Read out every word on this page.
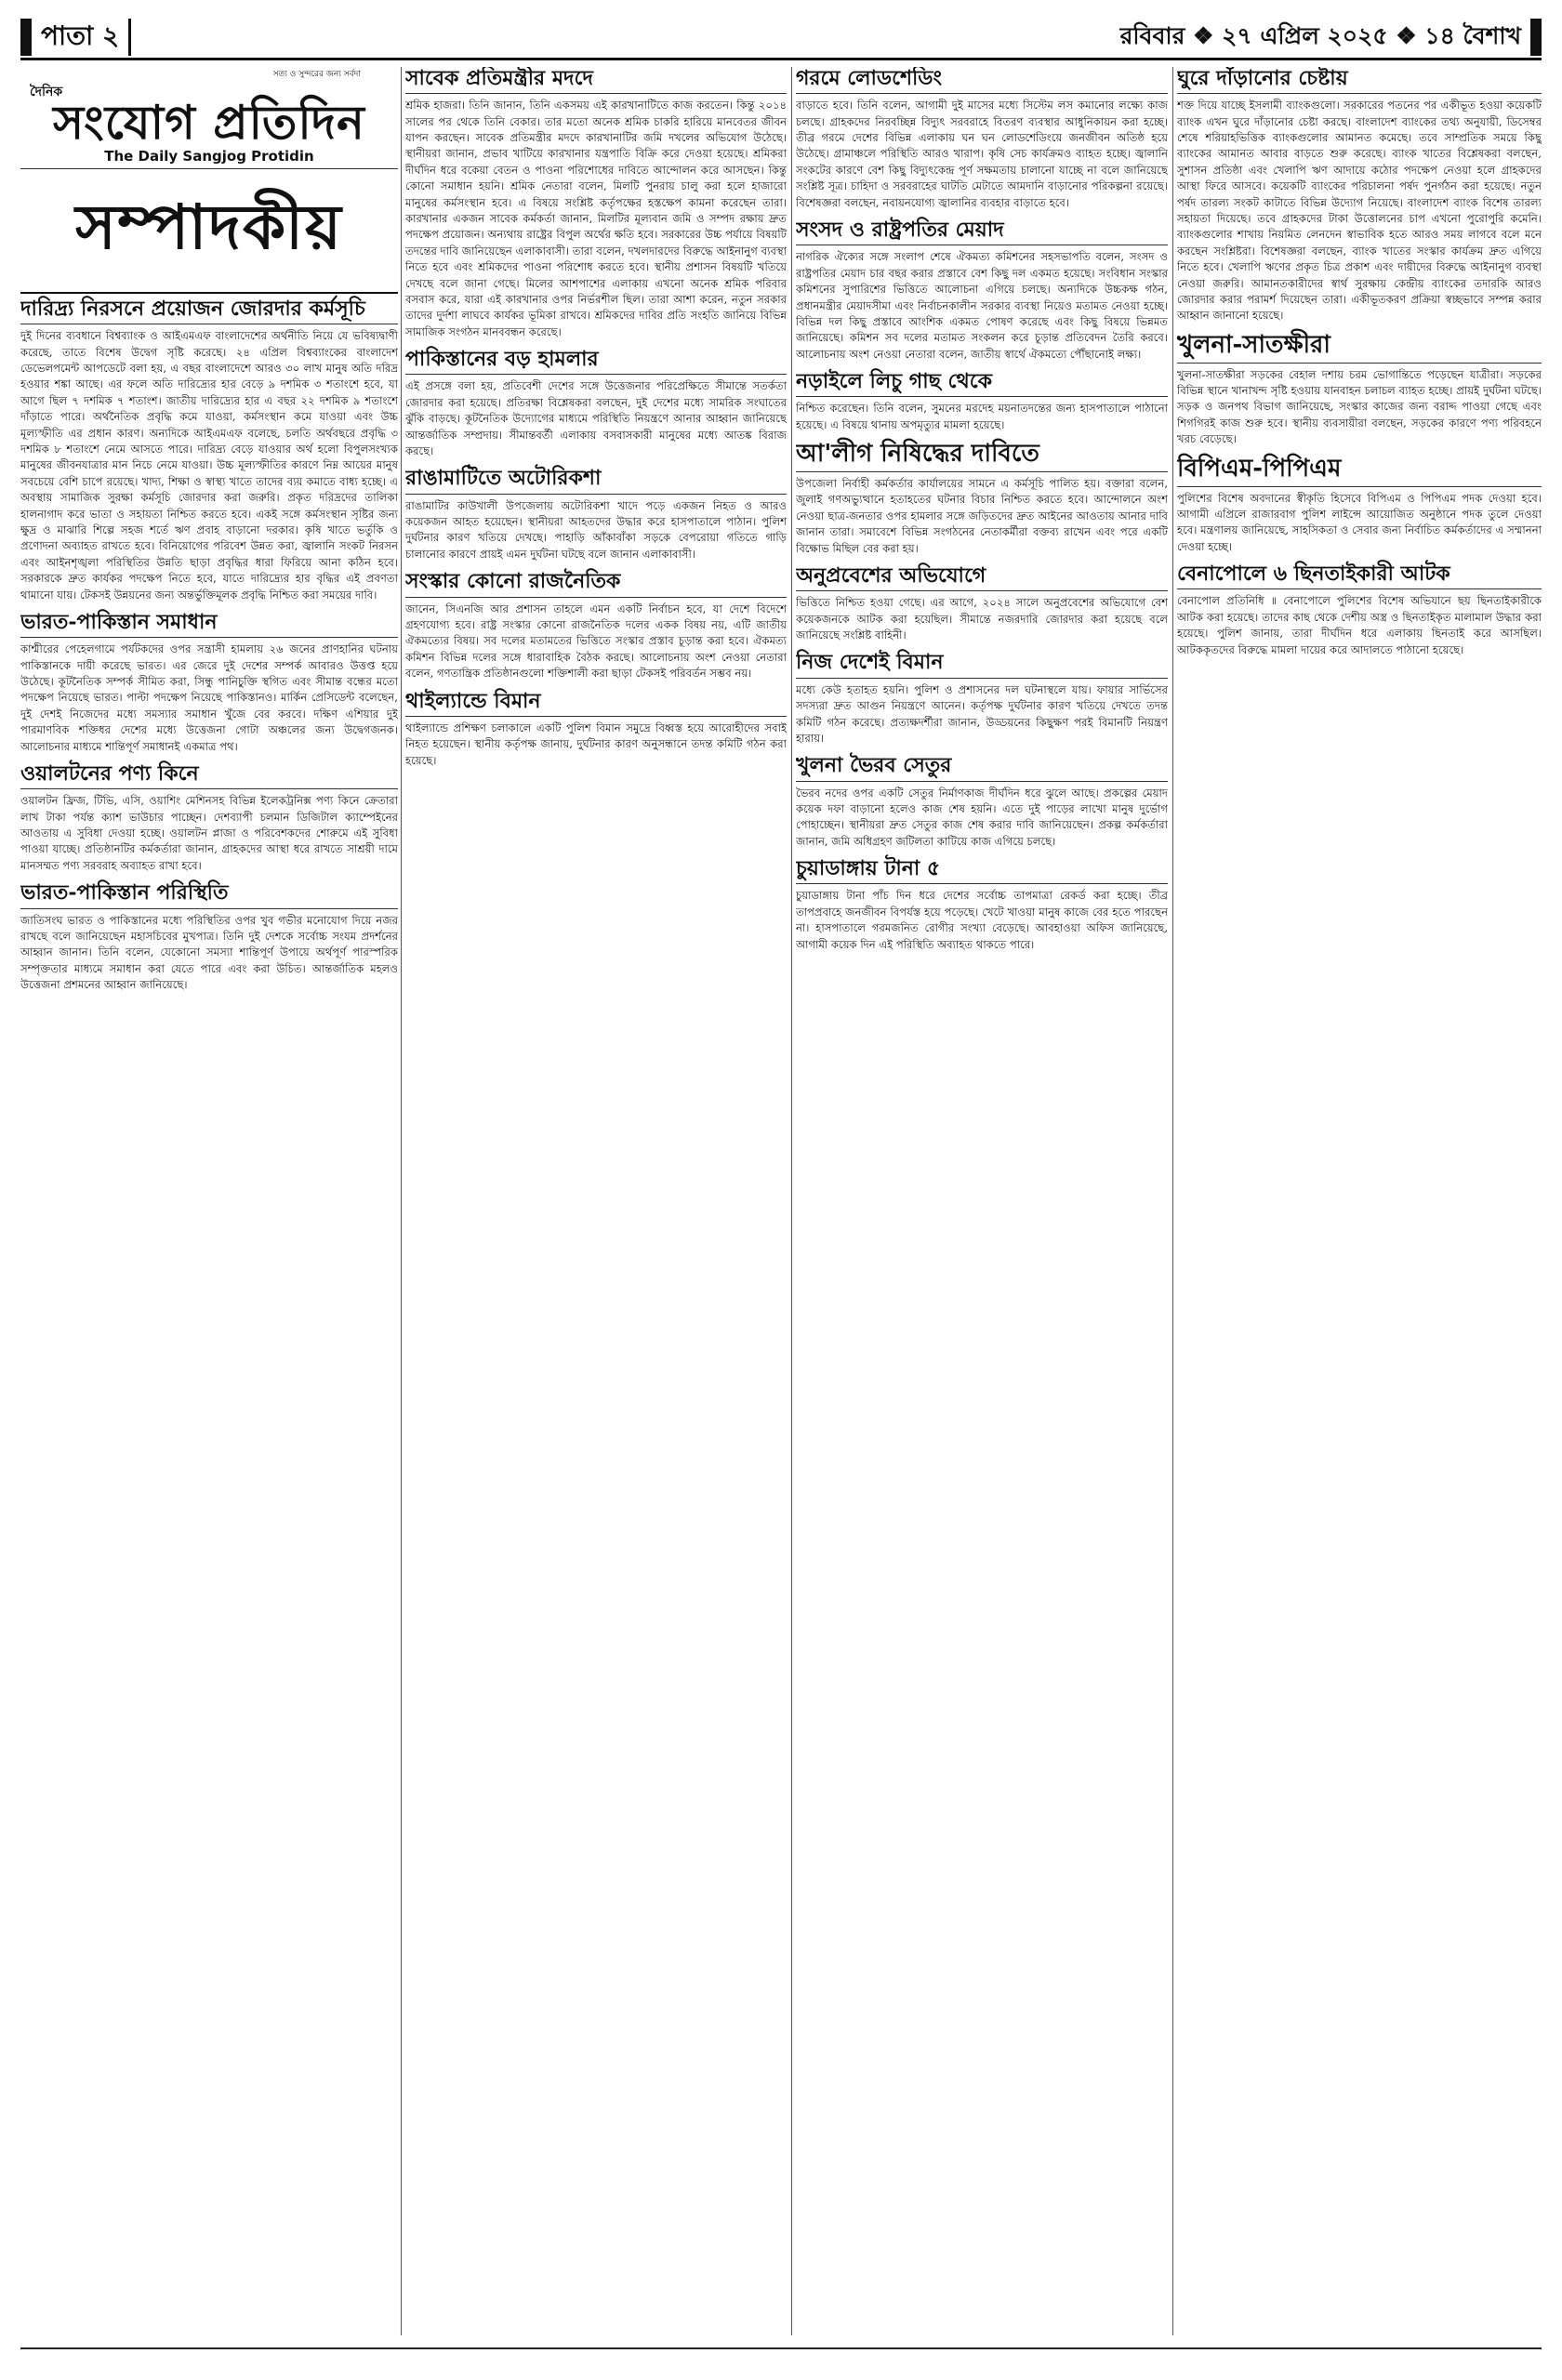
পাতা ২	রবিবার ❖ ২৭ এপ্রিল ২০২৫ ❖ ১৪ বৈশাখ
সত্য ও সুন্দরের জন্য সর্বদা
দৈনিক
সংযোগ প্রতিদিন
The Daily Sangjog Protidin
সম্পাদকীয়
দারিদ্র্য নিরসনে প্রয়োজন জোরদার কর্মসূচি

দুই দিনের ব্যবধানে বিশ্বব্যাংক ও আইএমএফ বাংলাদেশের অর্থনীতি নিয়ে যে ভবিষ্যদ্বাণী করেছে, তাতে বিশেষ উদ্বেগ সৃষ্টি করেছে। ২৪ এপ্রিল বিশ্বব্যাংকের বাংলাদেশ ডেভেলপমেন্ট আপডেটে বলা হয়, এ বছর বাংলাদেশে আরও ৩০ লাখ মানুষ অতি দরিদ্র হওয়ার শঙ্কা আছে। এর ফলে অতি দারিদ্র্যের হার বেড়ে ৯ দশমিক ৩ শতাংশে হবে, যা আগে ছিল ৭ দশমিক ৭ শতাংশ। জাতীয় দারিদ্র্যের হার এ বছর ২২ দশমিক ৯ শতাংশে দাঁড়াতে পারে। অর্থনৈতিক প্রবৃদ্ধি কমে যাওয়া, কর্মসংস্থান কমে যাওয়া এবং উচ্চ মূল্যস্ফীতি এর প্রধান কারণ। অন্যদিকে আইএমএফ বলেছে, চলতি অর্থবছরে প্রবৃদ্ধি ৩ দশমিক ৮ শতাংশে নেমে আসতে পারে। দারিদ্র্য বেড়ে যাওয়ার অর্থ হলো বিপুলসংখ্যক মানুষের জীবনযাত্রার মান নিচে নেমে যাওয়া। উচ্চ মূল্যস্ফীতির কারণে নিম্ন আয়ের মানুষ সবচেয়ে বেশি চাপে রয়েছে। খাদ্য, শিক্ষা ও স্বাস্থ্য খাতে তাদের ব্যয় কমাতে বাধ্য হচ্ছে। এ অবস্থায় সামাজিক সুরক্ষা কর্মসূচি জোরদার করা জরুরি। প্রকৃত দরিদ্রদের তালিকা হালনাগাদ করে ভাতা ও সহায়তা নিশ্চিত করতে হবে। একই সঙ্গে কর্মসংস্থান সৃষ্টির জন্য ক্ষুদ্র ও মাঝারি শিল্পে সহজ শর্তে ঋণ প্রবাহ বাড়ানো দরকার। কৃষি খাতে ভর্তুকি ও প্রণোদনা অব্যাহত রাখতে হবে। বিনিয়োগের পরিবেশ উন্নত করা, জ্বালানি সংকট নিরসন এবং আইনশৃঙ্খলা পরিস্থিতির উন্নতি ছাড়া প্রবৃদ্ধির ধারা ফিরিয়ে আনা কঠিন হবে। সরকারকে দ্রুত কার্যকর পদক্ষেপ নিতে হবে, যাতে দারিদ্র্যের হার বৃদ্ধির এই প্রবণতা থামানো যায়। টেকসই উন্নয়নের জন্য অন্তর্ভুক্তিমূলক প্রবৃদ্ধি নিশ্চিত করা সময়ের দাবি।

ভারত-পাকিস্তান সমাধান

কাশ্মীরের পেহেলগামে পর্যটকদের ওপর সন্ত্রাসী হামলায় ২৬ জনের প্রাণহানির ঘটনায় পাকিস্তানকে দায়ী করেছে ভারত। এর জেরে দুই দেশের সম্পর্ক আবারও উত্তপ্ত হয়ে উঠেছে। কূটনৈতিক সম্পর্ক সীমিত করা, সিন্ধু পানিচুক্তি স্থগিত এবং সীমান্ত বন্ধের মতো পদক্ষেপ নিয়েছে ভারত। পাল্টা পদক্ষেপ নিয়েছে পাকিস্তানও। মার্কিন প্রেসিডেন্ট বলেছেন, দুই দেশই নিজেদের মধ্যে সমস্যার সমাধান খুঁজে বের করবে। দক্ষিণ এশিয়ার দুই পারমাণবিক শক্তিধর দেশের মধ্যে উত্তেজনা গোটা অঞ্চলের জন্য উদ্বেগজনক। আলোচনার মাধ্যমে শান্তিপূর্ণ সমাধানই একমাত্র পথ।

ওয়ালটনের পণ্য কিনে

ওয়ালটন ফ্রিজ, টিভি, এসি, ওয়াশিং মেশিনসহ বিভিন্ন ইলেকট্রনিক্স পণ্য কিনে ক্রেতারা লাখ টাকা পর্যন্ত ক্যাশ ভাউচার পাচ্ছেন। দেশব্যাপী চলমান ডিজিটাল ক্যাম্পেইনের আওতায় এ সুবিধা দেওয়া হচ্ছে। ওয়ালটন প্লাজা ও পরিবেশকদের শোরুমে এই সুবিধা পাওয়া যাচ্ছে। প্রতিষ্ঠানটির কর্মকর্তারা জানান, গ্রাহকদের আস্থা ধরে রাখতে সাশ্রয়ী দামে মানসম্মত পণ্য সরবরাহ অব্যাহত রাখা হবে।

ভারত-পাকিস্তান পরিস্থিতি

জাতিসংঘ ভারত ও পাকিস্তানের মধ্যে পরিস্থিতির ওপর খুব গভীর মনোযোগ দিয়ে নজর রাখছে বলে জানিয়েছেন মহাসচিবের মুখপাত্র। তিনি দুই দেশকে সর্বোচ্চ সংযম প্রদর্শনের আহ্বান জানান। তিনি বলেন, যেকোনো সমস্যা শান্তিপূর্ণ উপায়ে অর্থপূর্ণ পারস্পরিক সম্পৃক্ততার মাধ্যমে সমাধান করা যেতে পারে এবং করা উচিত। আন্তর্জাতিক মহলও উত্তেজনা প্রশমনের আহ্বান জানিয়েছে।

সাবেক প্রতিমন্ত্রীর মদদে

শ্রমিক হাজরা। তিনি জানান, তিনি একসময় এই কারখানাটিতে কাজ করতেন। কিন্তু ২০১৪ সালের পর থেকে তিনি বেকার। তার মতো অনেক শ্রমিক চাকরি হারিয়ে মানবেতর জীবন যাপন করছেন। সাবেক প্রতিমন্ত্রীর মদদে কারখানাটির জমি দখলের অভিযোগ উঠেছে। স্থানীয়রা জানান, প্রভাব খাটিয়ে কারখানার যন্ত্রপাতি বিক্রি করে দেওয়া হয়েছে। শ্রমিকরা দীর্ঘদিন ধরে বকেয়া বেতন ও পাওনা পরিশোধের দাবিতে আন্দোলন করে আসছেন। কিন্তু কোনো সমাধান হয়নি। শ্রমিক নেতারা বলেন, মিলটি পুনরায় চালু করা হলে হাজারো মানুষের কর্মসংস্থান হবে। এ বিষয়ে সংশ্লিষ্ট কর্তৃপক্ষের হস্তক্ষেপ কামনা করেছেন তারা। কারখানার একজন সাবেক কর্মকর্তা জানান, মিলটির মূল্যবান জমি ও সম্পদ রক্ষায় দ্রুত পদক্ষেপ প্রয়োজন। অন্যথায় রাষ্ট্রের বিপুল অর্থের ক্ষতি হবে। সরকারের উচ্চ পর্যায়ে বিষয়টি তদন্তের দাবি জানিয়েছেন এলাকাবাসী। তারা বলেন, দখলদারদের বিরুদ্ধে আইনানুগ ব্যবস্থা নিতে হবে এবং শ্রমিকদের পাওনা পরিশোধ করতে হবে। স্থানীয় প্রশাসন বিষয়টি খতিয়ে দেখছে বলে জানা গেছে। মিলের আশপাশের এলাকায় এখনো অনেক শ্রমিক পরিবার বসবাস করে, যারা এই কারখানার ওপর নির্ভরশীল ছিল। তারা আশা করেন, নতুন সরকার তাদের দুর্দশা লাঘবে কার্যকর ভূমিকা রাখবে। শ্রমিকদের দাবির প্রতি সংহতি জানিয়ে বিভিন্ন সামাজিক সংগঠন মানববন্ধন করেছে।

পাকিস্তানের বড় হামলার

এই প্রসঙ্গে বলা হয়, প্রতিবেশী দেশের সঙ্গে উত্তেজনার পরিপ্রেক্ষিতে সীমান্তে সতর্কতা জোরদার করা হয়েছে। প্রতিরক্ষা বিশ্লেষকরা বলছেন, দুই দেশের মধ্যে সামরিক সংঘাতের ঝুঁকি বাড়ছে। কূটনৈতিক উদ্যোগের মাধ্যমে পরিস্থিতি নিয়ন্ত্রণে আনার আহ্বান জানিয়েছে আন্তর্জাতিক সম্প্রদায়। সীমান্তবর্তী এলাকায় বসবাসকারী মানুষের মধ্যে আতঙ্ক বিরাজ করছে।

রাঙামাটিতে অটোরিকশা

রাঙামাটির কাউখালী উপজেলায় অটোরিকশা খাদে পড়ে একজন নিহত ও আরও কয়েকজন আহত হয়েছেন। স্থানীয়রা আহতদের উদ্ধার করে হাসপাতালে পাঠান। পুলিশ দুর্ঘটনার কারণ খতিয়ে দেখছে। পাহাড়ি আঁকাবাঁকা সড়কে বেপরোয়া গতিতে গাড়ি চালানোর কারণে প্রায়ই এমন দুর্ঘটনা ঘটছে বলে জানান এলাকাবাসী।

সংস্কার কোনো রাজনৈতিক

জানেন, সিএনজি আর প্রশাসন তাহলে এমন একটি নির্বাচন হবে, যা দেশে বিদেশে গ্রহণযোগ্য হবে। রাষ্ট্র সংস্কার কোনো রাজনৈতিক দলের একক বিষয় নয়, এটি জাতীয় ঐকমত্যের বিষয়। সব দলের মতামতের ভিত্তিতে সংস্কার প্রস্তাব চূড়ান্ত করা হবে। ঐকমত্য কমিশন বিভিন্ন দলের সঙ্গে ধারাবাহিক বৈঠক করছে। আলোচনায় অংশ নেওয়া নেতারা বলেন, গণতান্ত্রিক প্রতিষ্ঠানগুলো শক্তিশালী করা ছাড়া টেকসই পরিবর্তন সম্ভব নয়।

থাইল্যান্ডে বিমান

থাইল্যান্ডে প্রশিক্ষণ চলাকালে একটি পুলিশ বিমান সমুদ্রে বিধ্বস্ত হয়ে আরোহীদের সবাই নিহত হয়েছেন। স্থানীয় কর্তৃপক্ষ জানায়, দুর্ঘটনার কারণ অনুসন্ধানে তদন্ত কমিটি গঠন করা হয়েছে।

গরমে লোডশেডিং

বাড়াতে হবে। তিনি বলেন, আগামী দুই মাসের মধ্যে সিস্টেম লস কমানোর লক্ষ্যে কাজ চলছে। গ্রাহকদের নিরবচ্ছিন্ন বিদ্যুৎ সরবরাহে বিতরণ ব্যবস্থার আধুনিকায়ন করা হচ্ছে। তীব্র গরমে দেশের বিভিন্ন এলাকায় ঘন ঘন লোডশেডিংয়ে জনজীবন অতিষ্ঠ হয়ে উঠেছে। গ্রামাঞ্চলে পরিস্থিতি আরও খারাপ। কৃষি সেচ কার্যক্রমও ব্যাহত হচ্ছে। জ্বালানি সংকটের কারণে বেশ কিছু বিদ্যুৎকেন্দ্র পূর্ণ সক্ষমতায় চালানো যাচ্ছে না বলে জানিয়েছে সংশ্লিষ্ট সূত্র। চাহিদা ও সরবরাহের ঘাটতি মেটাতে আমদানি বাড়ানোর পরিকল্পনা রয়েছে। বিশেষজ্ঞরা বলছেন, নবায়নযোগ্য জ্বালানির ব্যবহার বাড়াতে হবে।

সংসদ ও রাষ্ট্রপতির মেয়াদ

নাগরিক ঐক্যের সঙ্গে সংলাপ শেষে ঐকমত্য কমিশনের সহসভাপতি বলেন, সংসদ ও রাষ্ট্রপতির মেয়াদ চার বছর করার প্রস্তাবে বেশ কিছু দল একমত হয়েছে। সংবিধান সংস্কার কমিশনের সুপারিশের ভিত্তিতে আলোচনা এগিয়ে চলছে। অন্যদিকে উচ্চকক্ষ গঠন, প্রধানমন্ত্রীর মেয়াদসীমা এবং নির্বাচনকালীন সরকার ব্যবস্থা নিয়েও মতামত নেওয়া হচ্ছে। বিভিন্ন দল কিছু প্রস্তাবে আংশিক একমত পোষণ করেছে এবং কিছু বিষয়ে ভিন্নমত জানিয়েছে। কমিশন সব দলের মতামত সংকলন করে চূড়ান্ত প্রতিবেদন তৈরি করবে। আলোচনায় অংশ নেওয়া নেতারা বলেন, জাতীয় স্বার্থে ঐকমত্যে পৌঁছানোই লক্ষ্য।

নড়াইলে লিচু গাছ থেকে

নিশ্চিত করেছেন। তিনি বলেন, সুমনের মরদেহ ময়নাতদন্তের জন্য হাসপাতালে পাঠানো হয়েছে। এ বিষয়ে থানায় অপমৃত্যুর মামলা হয়েছে।

আ'লীগ নিষিদ্ধের দাবিতে

উপজেলা নির্বাহী কর্মকর্তার কার্যালয়ের সামনে এ কর্মসূচি পালিত হয়। বক্তারা বলেন, জুলাই গণঅভ্যুত্থানে হতাহতের ঘটনার বিচার নিশ্চিত করতে হবে। আন্দোলনে অংশ নেওয়া ছাত্র-জনতার ওপর হামলার সঙ্গে জড়িতদের দ্রুত আইনের আওতায় আনার দাবি জানান তারা। সমাবেশে বিভিন্ন সংগঠনের নেতাকর্মীরা বক্তব্য রাখেন এবং পরে একটি বিক্ষোভ মিছিল বের করা হয়।

অনুপ্রবেশের অভিযোগে

ভিত্তিতে নিশ্চিত হওয়া গেছে। এর আগে, ২০২৪ সালে অনুপ্রবেশের অভিযোগে বেশ কয়েকজনকে আটক করা হয়েছিল। সীমান্তে নজরদারি জোরদার করা হয়েছে বলে জানিয়েছে সংশ্লিষ্ট বাহিনী।

নিজ দেশেই বিমান

মধ্যে কেউ হতাহত হয়নি। পুলিশ ও প্রশাসনের দল ঘটনাস্থলে যায়। ফায়ার সার্ভিসের সদস্যরা দ্রুত আগুন নিয়ন্ত্রণে আনেন। কর্তৃপক্ষ দুর্ঘটনার কারণ খতিয়ে দেখতে তদন্ত কমিটি গঠন করেছে। প্রত্যক্ষদর্শীরা জানান, উড্ডয়নের কিছুক্ষণ পরই বিমানটি নিয়ন্ত্রণ হারায়।

খুলনা ভৈরব সেতুর

ভৈরব নদের ওপর একটি সেতুর নির্মাণকাজ দীর্ঘদিন ধরে ঝুলে আছে। প্রকল্পের মেয়াদ কয়েক দফা বাড়ানো হলেও কাজ শেষ হয়নি। এতে দুই পাড়ের লাখো মানুষ দুর্ভোগ পোহাচ্ছেন। স্থানীয়রা দ্রুত সেতুর কাজ শেষ করার দাবি জানিয়েছেন। প্রকল্প কর্মকর্তারা জানান, জমি অধিগ্রহণ জটিলতা কাটিয়ে কাজ এগিয়ে চলছে।

চুয়াডাঙ্গায় টানা ৫

চুয়াডাঙ্গায় টানা পাঁচ দিন ধরে দেশের সর্বোচ্চ তাপমাত্রা রেকর্ড করা হচ্ছে। তীব্র তাপপ্রবাহে জনজীবন বিপর্যস্ত হয়ে পড়েছে। খেটে খাওয়া মানুষ কাজে বের হতে পারছেন না। হাসপাতালে গরমজনিত রোগীর সংখ্যা বেড়েছে। আবহাওয়া অফিস জানিয়েছে, আগামী কয়েক দিন এই পরিস্থিতি অব্যাহত থাকতে পারে।

ঘুরে দাঁড়ানোর চেষ্টায়

শক্ত দিয়ে যাচ্ছে ইসলামী ব্যাংকগুলো। সরকারের পতনের পর একীভূত হওয়া কয়েকটি ব্যাংক এখন ঘুরে দাঁড়ানোর চেষ্টা করছে। বাংলাদেশ ব্যাংকের তথ্য অনুযায়ী, ডিসেম্বর শেষে শরিয়াহভিত্তিক ব্যাংকগুলোর আমানত কমেছে। তবে সাম্প্রতিক সময়ে কিছু ব্যাংকের আমানত আবার বাড়তে শুরু করেছে। ব্যাংক খাতের বিশ্লেষকরা বলছেন, সুশাসন প্রতিষ্ঠা এবং খেলাপি ঋণ আদায়ে কঠোর পদক্ষেপ নেওয়া হলে গ্রাহকদের আস্থা ফিরে আসবে। কয়েকটি ব্যাংকের পরিচালনা পর্ষদ পুনর্গঠন করা হয়েছে। নতুন পর্ষদ তারল্য সংকট কাটাতে বিভিন্ন উদ্যোগ নিয়েছে। বাংলাদেশ ব্যাংক বিশেষ তারল্য সহায়তা দিয়েছে। তবে গ্রাহকদের টাকা উত্তোলনের চাপ এখনো পুরোপুরি কমেনি। ব্যাংকগুলোর শাখায় নিয়মিত লেনদেন স্বাভাবিক হতে আরও সময় লাগবে বলে মনে করছেন সংশ্লিষ্টরা। বিশেষজ্ঞরা বলছেন, ব্যাংক খাতের সংস্কার কার্যক্রম দ্রুত এগিয়ে নিতে হবে। খেলাপি ঋণের প্রকৃত চিত্র প্রকাশ এবং দায়ীদের বিরুদ্ধে আইনানুগ ব্যবস্থা নেওয়া জরুরি। আমানতকারীদের স্বার্থ সুরক্ষায় কেন্দ্রীয় ব্যাংকের তদারকি আরও জোরদার করার পরামর্শ দিয়েছেন তারা। একীভূতকরণ প্রক্রিয়া স্বচ্ছভাবে সম্পন্ন করার আহ্বান জানানো হয়েছে।

খুলনা-সাতক্ষীরা

খুলনা-সাতক্ষীরা সড়কের বেহাল দশায় চরম ভোগান্তিতে পড়েছেন যাত্রীরা। সড়কের বিভিন্ন স্থানে খানাখন্দ সৃষ্টি হওয়ায় যানবাহন চলাচল ব্যাহত হচ্ছে। প্রায়ই দুর্ঘটনা ঘটছে। সড়ক ও জনপথ বিভাগ জানিয়েছে, সংস্কার কাজের জন্য বরাদ্দ পাওয়া গেছে এবং শিগগিরই কাজ শুরু হবে। স্থানীয় ব্যবসায়ীরা বলছেন, সড়কের কারণে পণ্য পরিবহনে খরচ বেড়েছে।

বিপিএম-পিপিএম

পুলিশের বিশেষ অবদানের স্বীকৃতি হিসেবে বিপিএম ও পিপিএম পদক দেওয়া হবে। আগামী এপ্রিলে রাজারবাগ পুলিশ লাইন্সে আয়োজিত অনুষ্ঠানে পদক তুলে দেওয়া হবে। মন্ত্রণালয় জানিয়েছে, সাহসিকতা ও সেবার জন্য নির্বাচিত কর্মকর্তাদের এ সম্মাননা দেওয়া হচ্ছে।

বেনাপোলে ৬ ছিনতাইকারী আটক

বেনাপোল প্রতিনিধি ॥ বেনাপোলে পুলিশের বিশেষ অভিযানে ছয় ছিনতাইকারীকে আটক করা হয়েছে। তাদের কাছ থেকে দেশীয় অস্ত্র ও ছিনতাইকৃত মালামাল উদ্ধার করা হয়েছে। পুলিশ জানায়, তারা দীর্ঘদিন ধরে এলাকায় ছিনতাই করে আসছিল। আটককৃতদের বিরুদ্ধে মামলা দায়ের করে আদালতে পাঠানো হয়েছে।
